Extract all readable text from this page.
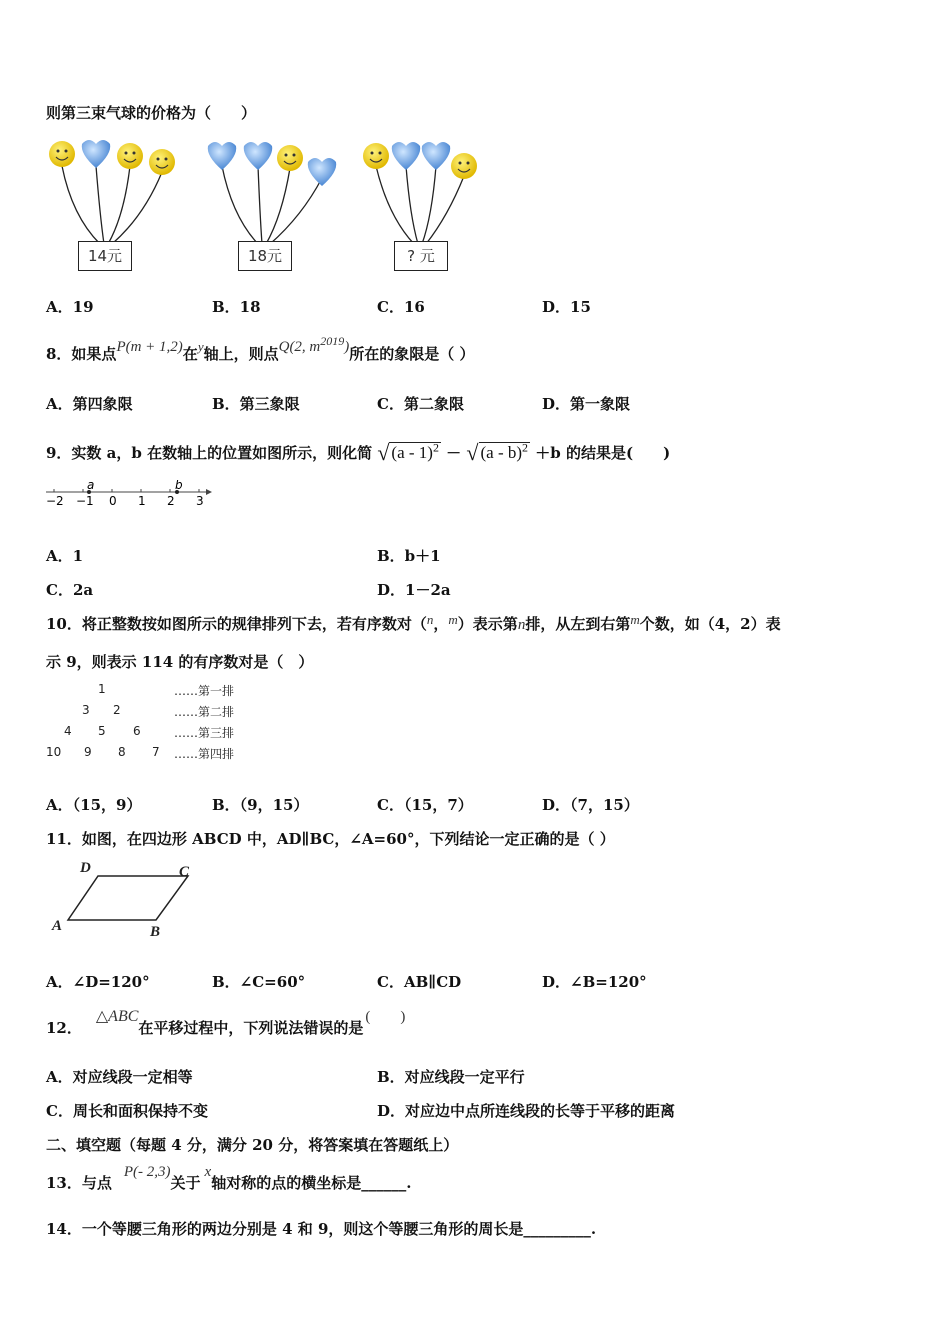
则第三束气球的价格为（　　）
14元	18元	? 元
A．19	B．18	C．16	D．15
8．如果点P(m + 1,2)在y轴上，则点Q(2, $m^{2019}$)所在的象限是（ ）
A．第四象限	B．第三象限	C．第二象限	D．第一象限
9．实数 a，b 在数轴上的位置如图所示，则化简 √ (a - 1)$^2$ － √ (a - b)$^2$ ＋b 的结果是(　　)
a	b
−2 −1 0 1 2 3
A．1	B．b＋1
C．2a	D．1－2a
10．将正整数按如图所示的规律排列下去，若有序数对（n，m）表示第n排，从左到右第m个数，如（4，2）表
示 9，则表示 114 的有序数对是（　）
1	……第一排
3 2	……第二排
4 5 6	……第三排
10 9 8 7 ……第四排
A．（15，9）	B．（9，15）	C．（15，7）	D．（7，15）
11．如图，在四边形 ABCD 中，AD∥BC，∠A=60°，下列结论一定正确的是（ ）
D	C
A	B
A．∠D=120°	B．∠C=60°	C．AB∥CD	D．∠B=120°
12．△ABC在平移过程中，下列说法错误的是(　　)
A．对应线段一定相等	B．对应线段一定平行
C．周长和面积保持不变	D．对应边中点所连线段的长等于平移的距离
二、填空题（每题 4 分，满分 20 分，将答案填在答题纸上）
13．与点P(- 2,3)关于x轴对称的点的横坐标是______.
14．一个等腰三角形的两边分别是 4 和 9，则这个等腰三角形的周长是_________.
